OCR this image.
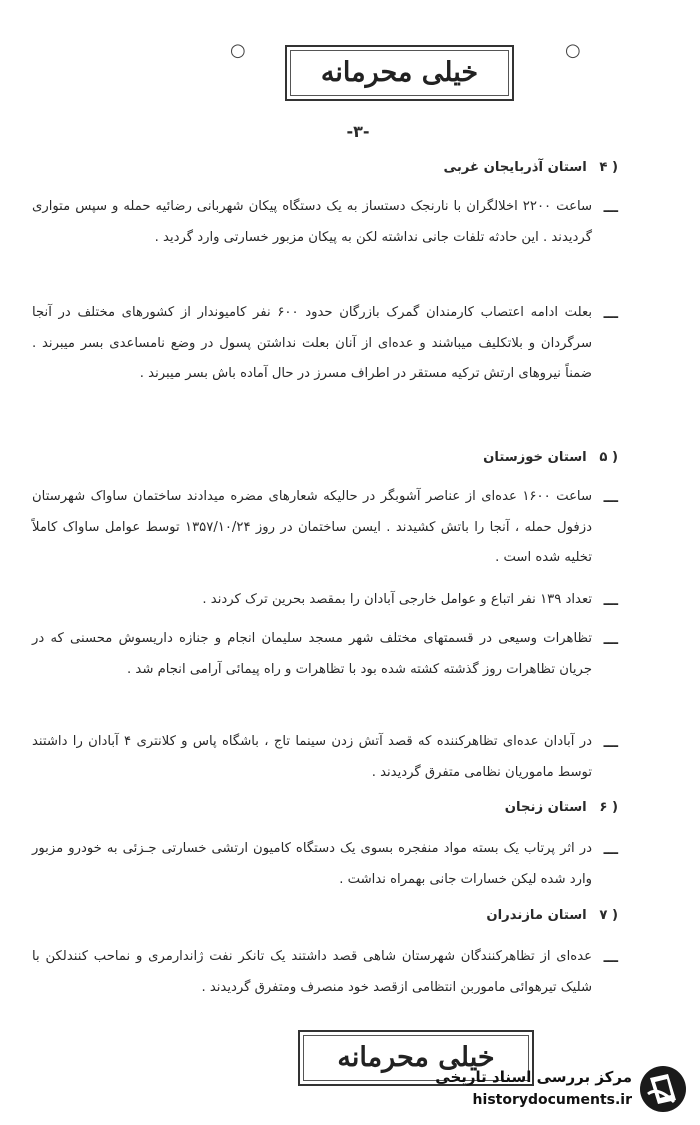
○	○
خیلی محرمانه
-۳-
( ۴ استان آذربایجان غربی
ـــ
ساعت ۲۲۰۰ اخلالگران با نارنجک دستساز به یک دستگاه پیکان شهربانی رضائیه حمله و سپس متواری گردیدند . این حادثه تلفات جانی نداشته لکن به پیکان مزبور خسارتی وارد گردید .
ـــ
بعلت ادامه اعتصاب کارمندان گمرک بازرگان حدود ۶۰۰ نفر کامیوندار از کشورهای مختلف در آنجا سرگردان و بلاتکلیف میباشند و عده‌ای از آنان بعلت نداشتن پسول در وضع نامساعدی بسر میبرند . ضمناً نیروهای ارتش ترکیه مستقر در اطراف مسرز در حال آماده باش بسر میبرند .
( ۵ استان خوزستان
ـــ
ساعت ۱۶۰۰ عده‌ای از عناصر آشوبگر در حالیکه شعارهای مضره میدادند ساختمان ساواک شهرستان دزفول حمله ، آنجا را باتش کشیدند . ایسن ساختمان در روز ۱۳۵۷/۱۰/۲۴ توسط عوامل ساواک کاملاً تخلیه شده است .
ـــ
تعداد ۱۳۹ نفر اتباع و عوامل خارجی آبادان را بمقصد بحرین ترک کردند .
ـــ
تظاهرات وسیعی در قسمتهای مختلف شهر مسجد سلیمان انجام و جنازه داریسوش محسنی که در جریان تظاهرات روز گذشته کشته شده بود با تظاهرات و راه پیمائی آرامی انجام شد .
ـــ
در آبادان عده‌ای تظاهرکننده که قصد آتش زدن سینما تاج ، باشگاه پاس و کلانتری ۴ آبادان را داشتند توسط ماموریان نظامی متفرق گردیدند .
( ۶ استان زنجان
ـــ
در اثر پرتاب یک بسته مواد منفجره بسوی یک دستگاه کامیون ارتشی خسارتی جـزئی به خودرو مزبور وارد شده لیکن خسارات جانی بهمراه نداشت .
( ۷ استان مازندران
ـــ
عده‌ای از تظاهرکنندگان شهرستان شاهی قصد داشتند یک تانکر نفت ژاندارمری و نماحب کنندلکن با شلیک تیرهوائی ماموربن انتظامی ازقصد خود منصرف ومتفرق گردیدند .
خیلی محرمانه
مرکز بررسی اسناد تاریخی
historydocuments.ir
